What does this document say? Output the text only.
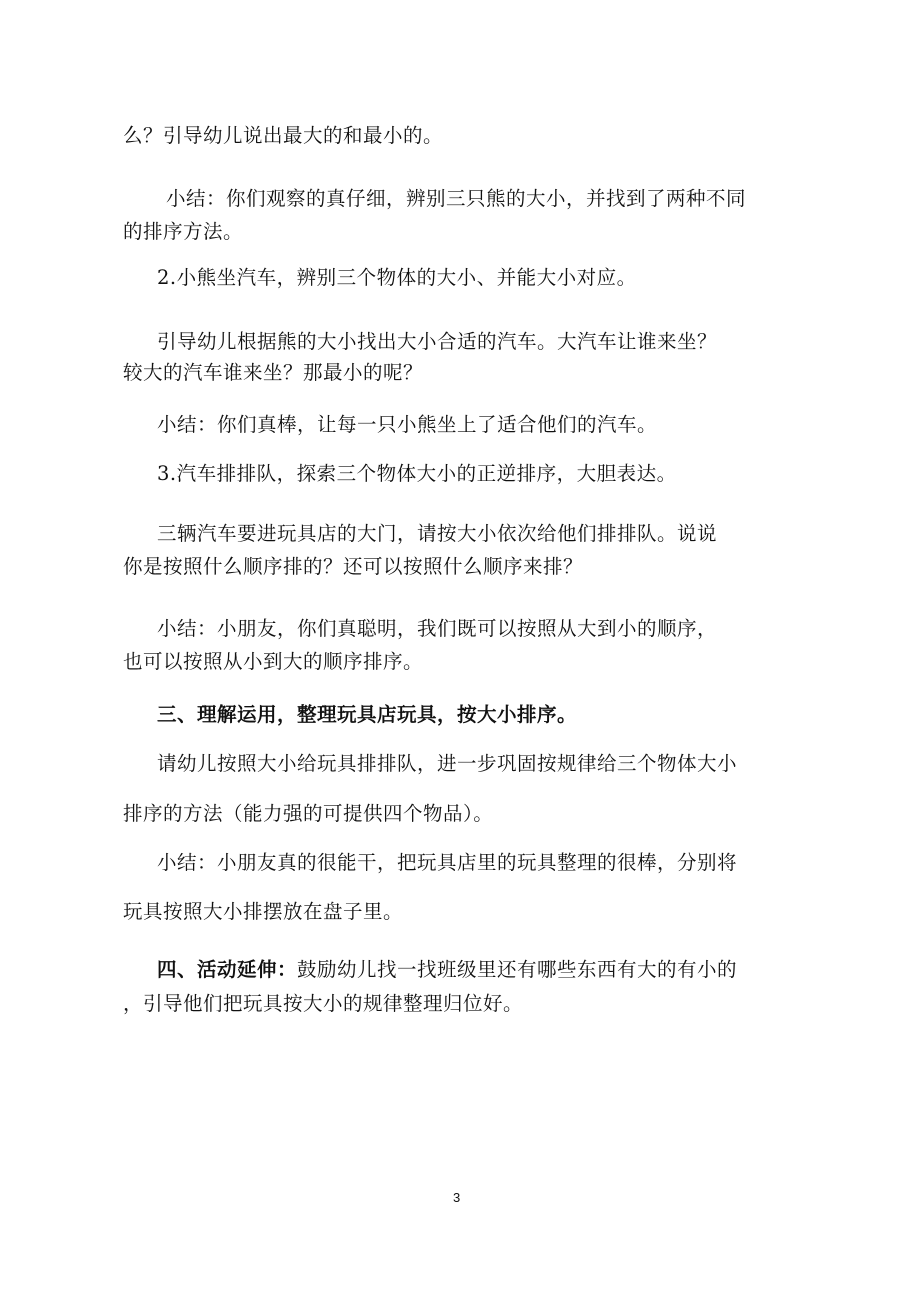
么？引导幼儿说出最大的和最小的。
小结：你们观察的真仔细，辨别三只熊的大小，并找到了两种不同
的排序方法。
2.小熊坐汽车，辨别三个物体的大小、并能大小对应。
引导幼儿根据熊的大小找出大小合适的汽车。大汽车让谁来坐？
较大的汽车谁来坐？那最小的呢？
小结：你们真棒，让每一只小熊坐上了适合他们的汽车。
3.汽车排排队，探索三个物体大小的正逆排序，大胆表达。
三辆汽车要进玩具店的大门，请按大小依次给他们排排队。说说
你是按照什么顺序排的？还可以按照什么顺序来排？
小结：小朋友，你们真聪明，我们既可以按照从大到小的顺序，
也可以按照从小到大的顺序排序。
三、理解运用，整理玩具店玩具，按大小排序。
请幼儿按照大小给玩具排排队，进一步巩固按规律给三个物体大小
排序的方法（能力强的可提供四个物品）。
小结：小朋友真的很能干，把玩具店里的玩具整理的很棒，分别将
玩具按照大小排摆放在盘子里。
四、活动延伸：鼓励幼儿找一找班级里还有哪些东西有大的有小的
，引导他们把玩具按大小的规律整理归位好。
3
